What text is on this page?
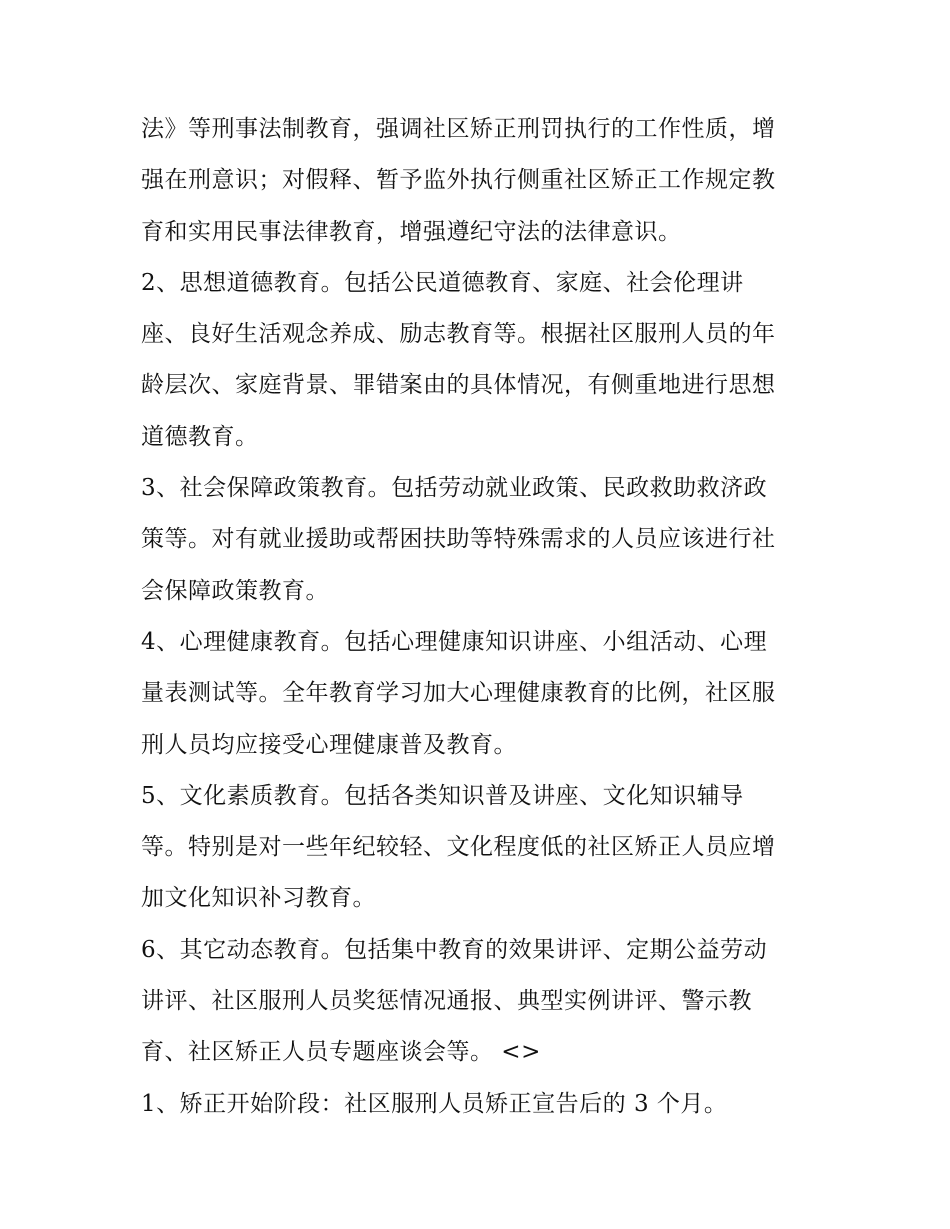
法》等刑事法制教育，强调社区矫正刑罚执行的工作性质，增
强在刑意识；对假释、暂予监外执行侧重社区矫正工作规定教
育和实用民事法律教育，增强遵纪守法的法律意识。
2、思想道德教育。包括公民道德教育、家庭、社会伦理讲
座、良好生活观念养成、励志教育等。根据社区服刑人员的年
龄层次、家庭背景、罪错案由的具体情况，有侧重地进行思想
道德教育。
3、社会保障政策教育。包括劳动就业政策、民政救助救济政
策等。对有就业援助或帮困扶助等特殊需求的人员应该进行社
会保障政策教育。
4、心理健康教育。包括心理健康知识讲座、小组活动、心理
量表测试等。全年教育学习加大心理健康教育的比例，社区服
刑人员均应接受心理健康普及教育。
5、文化素质教育。包括各类知识普及讲座、文化知识辅导
等。特别是对一些年纪较轻、文化程度低的社区矫正人员应增
加文化知识补习教育。
6、其它动态教育。包括集中教育的效果讲评、定期公益劳动
讲评、社区服刑人员奖惩情况通报、典型实例讲评、警示教
育、社区矫正人员专题座谈会等。 <>
1、矫正开始阶段：社区服刑人员矫正宣告后的 3 个月。
